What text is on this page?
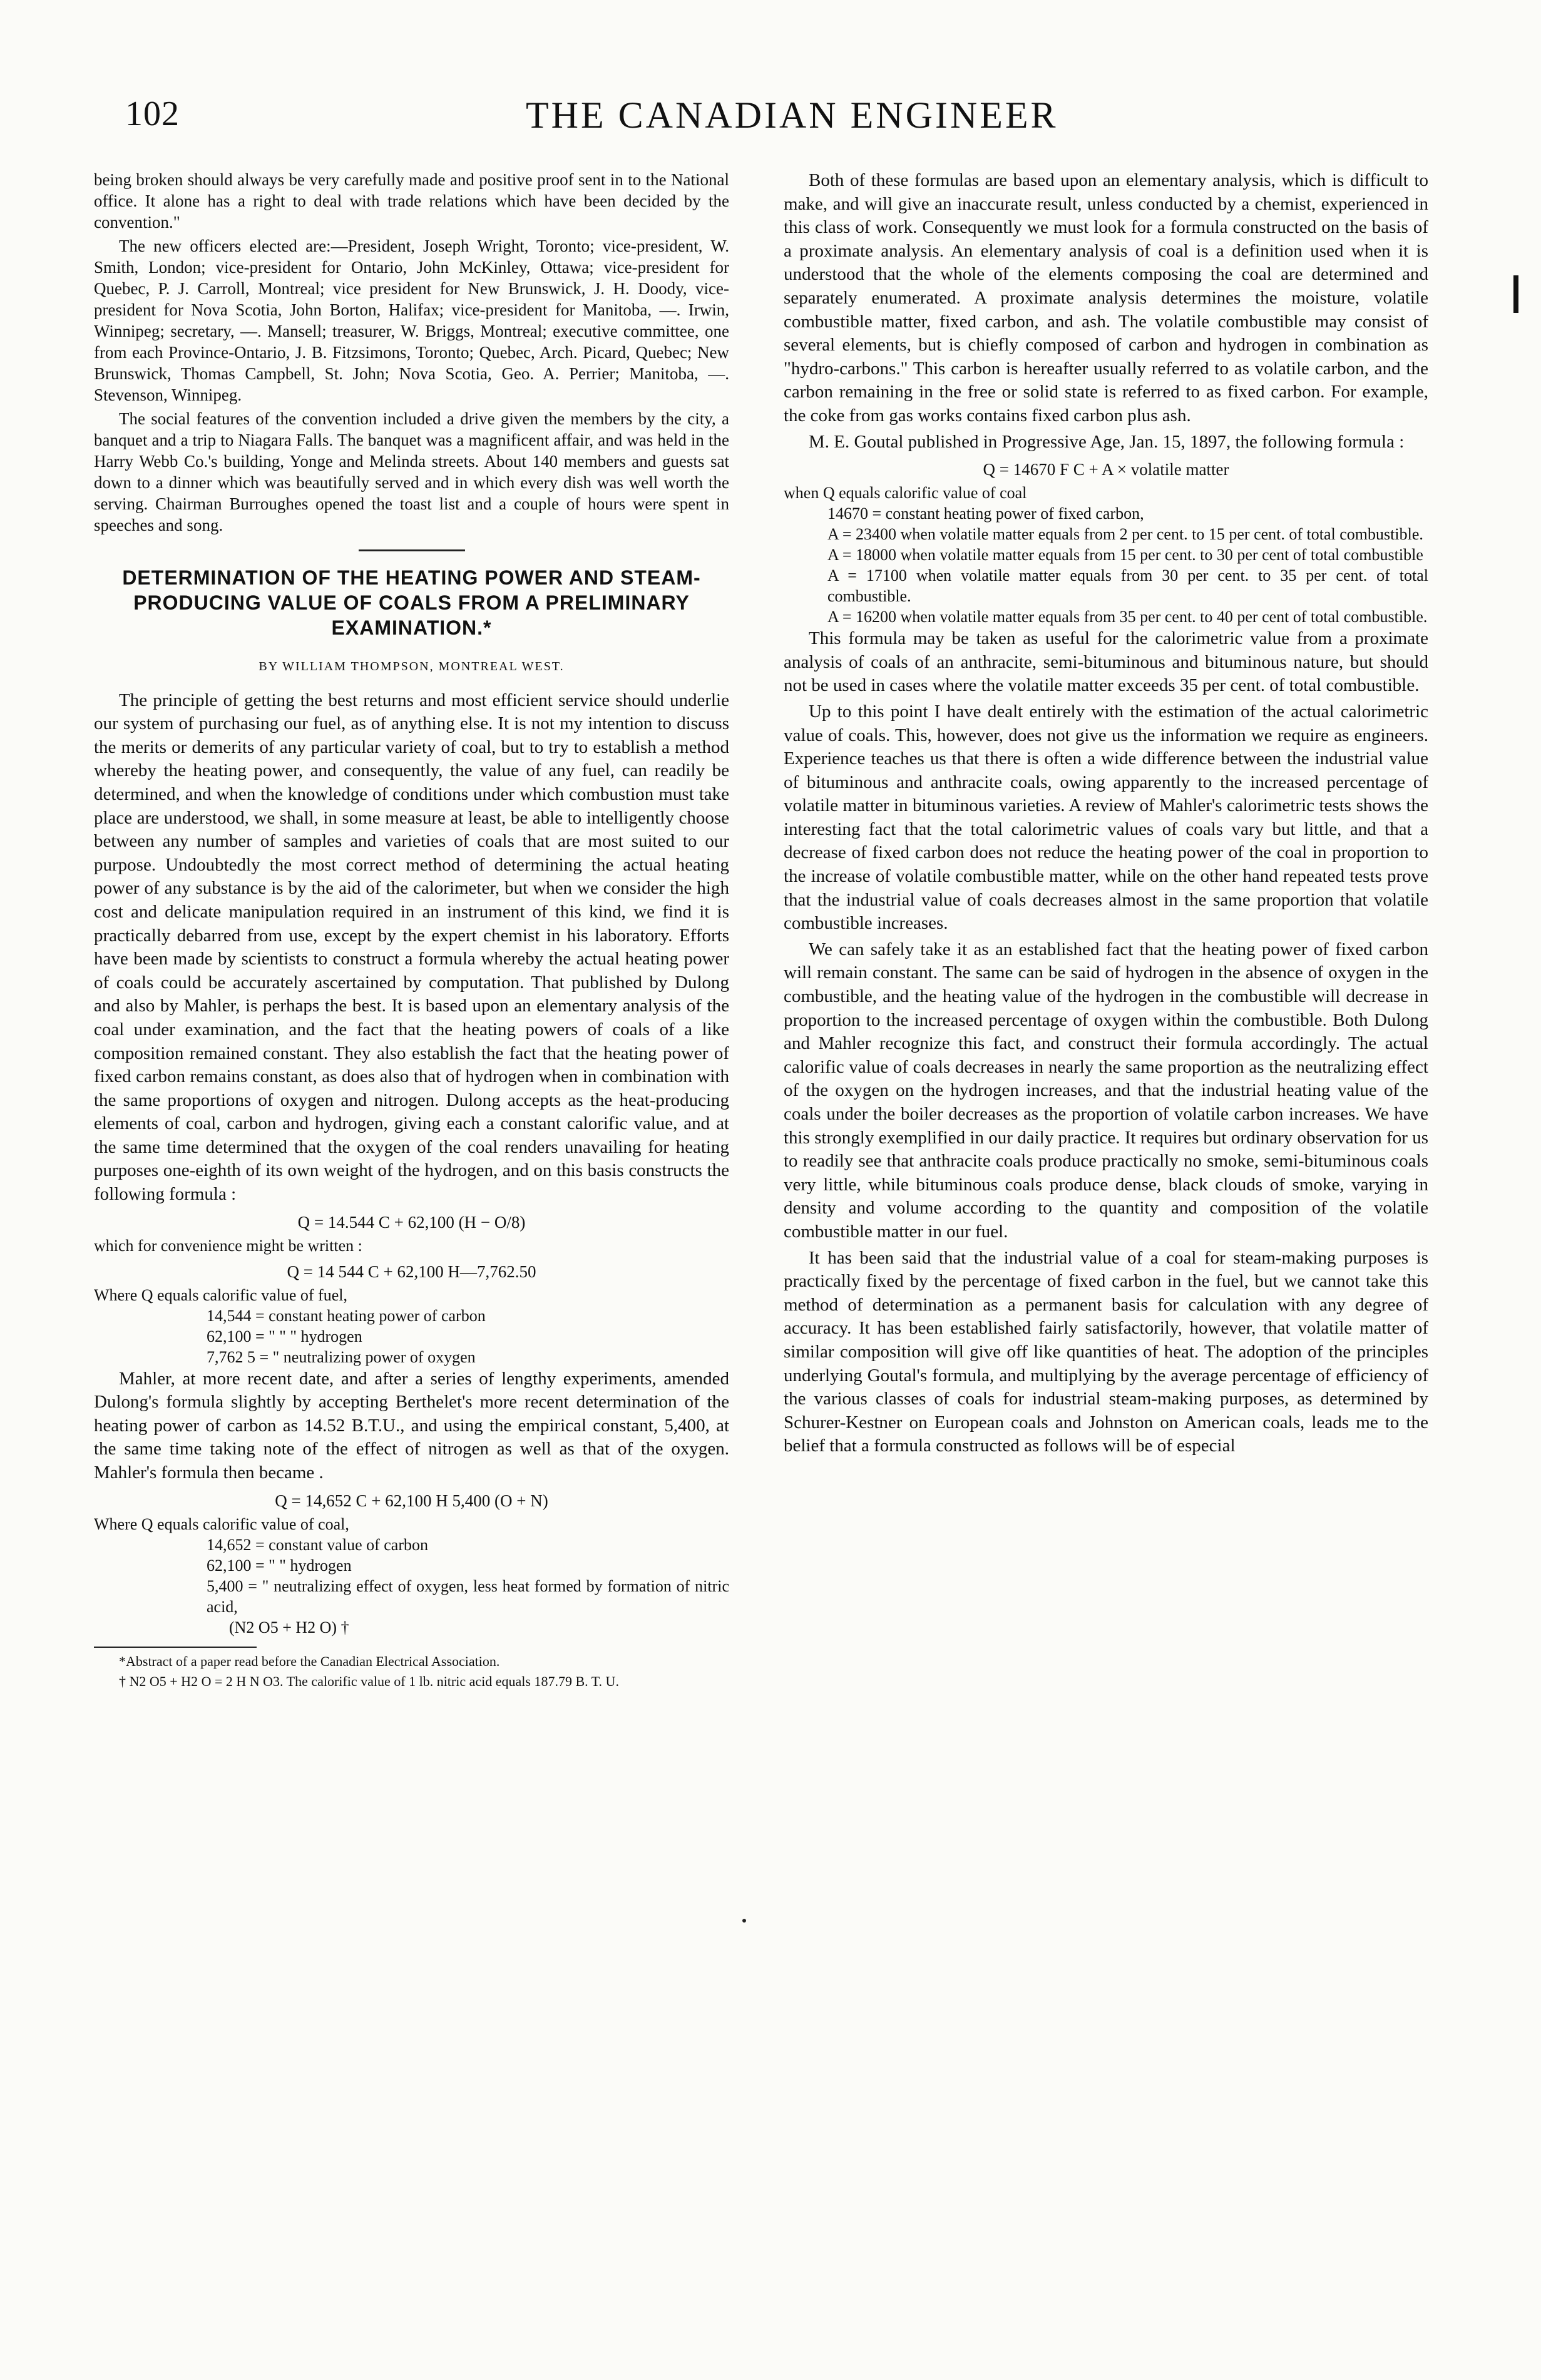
102	THE CANADIAN ENGINEER

being broken should always be very carefully made and positive proof sent in to the National office. It alone has a right to deal with trade relations which have been decided by the convention."

The new officers elected are:—President, Joseph Wright, Toronto; vice-president, W. Smith, London; vice-president for Ontario, John McKinley, Ottawa; vice-president for Quebec, P. J. Carroll, Montreal; vice president for New Brunswick, J. H. Doody, vice-president for Nova Scotia, John Borton, Halifax; vice-president for Manitoba, —. Irwin, Winnipeg; secretary, —. Mansell; treasurer, W. Briggs, Montreal; executive committee, one from each Province-Ontario, J. B. Fitzsimons, Toronto; Quebec, Arch. Picard, Quebec; New Brunswick, Thomas Campbell, St. John; Nova Scotia, Geo. A. Perrier; Manitoba, —. Stevenson, Winnipeg.

The social features of the convention included a drive given the members by the city, a banquet and a trip to Niagara Falls. The banquet was a magnificent affair, and was held in the Harry Webb Co.'s building, Yonge and Melinda streets. About 140 members and guests sat down to a dinner which was beautifully served and in which every dish was well worth the serving. Chairman Burroughes opened the toast list and a couple of hours were spent in speeches and song.

DETERMINATION OF THE HEATING POWER AND STEAM-PRODUCING VALUE OF COALS FROM A PRELIMINARY EXAMINATION.*
BY WILLIAM THOMPSON, MONTREAL WEST.

The principle of getting the best returns and most efficient service should underlie our system of purchasing our fuel, as of anything else. It is not my intention to discuss the merits or demerits of any particular variety of coal, but to try to establish a method whereby the heating power, and consequently, the value of any fuel, can readily be determined, and when the knowledge of conditions under which combustion must take place are understood, we shall, in some measure at least, be able to intelligently choose between any number of samples and varieties of coals that are most suited to our purpose. Undoubtedly the most correct method of determining the actual heating power of any substance is by the aid of the calorimeter, but when we consider the high cost and delicate manipulation required in an instrument of this kind, we find it is practically debarred from use, except by the expert chemist in his laboratory. Efforts have been made by scientists to construct a formula whereby the actual heating power of coals could be accurately ascertained by computation. That published by Dulong and also by Mahler, is perhaps the best. It is based upon an elementary analysis of the coal under examination, and the fact that the heating powers of coals of a like composition remained constant. They also establish the fact that the heating power of fixed carbon remains constant, as does also that of hydrogen when in combination with the same proportions of oxygen and nitrogen. Dulong accepts as the heat-producing elements of coal, carbon and hydrogen, giving each a constant calorific value, and at the same time determined that the oxygen of the coal renders unavailing for heating purposes one-eighth of its own weight of the hydrogen, and on this basis constructs the following formula :

Q = 14.544 C + 62,100 (H − O/8)
which for convenience might be written :
Q = 14 544 C + 62,100 H—7,762.50
Where Q equals calorific value of fuel,
14,544 = constant heating power of carbon
62,100 = " " " hydrogen
7,762 5 = " neutralizing power of oxygen

Mahler, at more recent date, and after a series of lengthy experiments, amended Dulong's formula slightly by accepting Berthelet's more recent determination of the heating power of carbon as 14.52 B.T.U., and using the empirical constant, 5,400, at the same time taking note of the effect of nitrogen as well as that of the oxygen. Mahler's formula then became .

Q = 14,652 C + 62,100 H 5,400 (O + N)
Where Q equals calorific value of coal,
14,652 = constant value of carbon
62,100 = " " hydrogen
5,400 = " neutralizing effect of oxygen, less heat formed by formation of nitric acid,
(N2 O5 + H2 O) †

*Abstract of a paper read before the Canadian Electrical Association.

† N2 O5 + H2 O = 2 H N O3. The calorific value of 1 lb. nitric acid equals 187.79 B. T. U.

Both of these formulas are based upon an elementary analysis, which is difficult to make, and will give an inaccurate result, unless conducted by a chemist, experienced in this class of work. Consequently we must look for a formula constructed on the basis of a proximate analysis. An elementary analysis of coal is a definition used when it is understood that the whole of the elements composing the coal are determined and separately enumerated. A proximate analysis determines the moisture, volatile combustible matter, fixed carbon, and ash. The volatile combustible may consist of several elements, but is chiefly composed of carbon and hydrogen in combination as "hydro-carbons." This carbon is hereafter usually referred to as volatile carbon, and the carbon remaining in the free or solid state is referred to as fixed carbon. For example, the coke from gas works contains fixed carbon plus ash.

M. E. Goutal published in Progressive Age, Jan. 15, 1897, the following formula :

Q = 14670 F C + A × volatile matter
when Q equals calorific value of coal
14670 = constant heating power of fixed carbon,
A = 23400 when volatile matter equals from 2 per cent. to 15 per cent. of total combustible.
A = 18000 when volatile matter equals from 15 per cent. to 30 per cent of total combustible
A = 17100 when volatile matter equals from 30 per cent. to 35 per cent. of total combustible.
A = 16200 when volatile matter equals from 35 per cent. to 40 per cent of total combustible.

This formula may be taken as useful for the calorimetric value from a proximate analysis of coals of an anthracite, semi-bituminous and bituminous nature, but should not be used in cases where the volatile matter exceeds 35 per cent. of total combustible.

Up to this point I have dealt entirely with the estimation of the actual calorimetric value of coals. This, however, does not give us the information we require as engineers. Experience teaches us that there is often a wide difference between the industrial value of bituminous and anthracite coals, owing apparently to the increased percentage of volatile matter in bituminous varieties. A review of Mahler's calorimetric tests shows the interesting fact that the total calorimetric values of coals vary but little, and that a decrease of fixed carbon does not reduce the heating power of the coal in proportion to the increase of volatile combustible matter, while on the other hand repeated tests prove that the industrial value of coals decreases almost in the same proportion that volatile combustible increases.

We can safely take it as an established fact that the heating power of fixed carbon will remain constant. The same can be said of hydrogen in the absence of oxygen in the combustible, and the heating value of the hydrogen in the combustible will decrease in proportion to the increased percentage of oxygen within the combustible. Both Dulong and Mahler recognize this fact, and construct their formula accordingly. The actual calorific value of coals decreases in nearly the same proportion as the neutralizing effect of the oxygen on the hydrogen increases, and that the industrial heating value of the coals under the boiler decreases as the proportion of volatile carbon increases. We have this strongly exemplified in our daily practice. It requires but ordinary observation for us to readily see that anthracite coals produce practically no smoke, semi-bituminous coals very little, while bituminous coals produce dense, black clouds of smoke, varying in density and volume according to the quantity and composition of the volatile combustible matter in our fuel.

It has been said that the industrial value of a coal for steam-making purposes is practically fixed by the percentage of fixed carbon in the fuel, but we cannot take this method of determination as a permanent basis for calculation with any degree of accuracy. It has been established fairly satisfactorily, however, that volatile matter of similar composition will give off like quantities of heat. The adoption of the principles underlying Goutal's formula, and multiplying by the average percentage of efficiency of the various classes of coals for industrial steam-making purposes, as determined by Schurer-Kestner on European coals and Johnston on American coals, leads me to the belief that a formula constructed as follows will be of especial
